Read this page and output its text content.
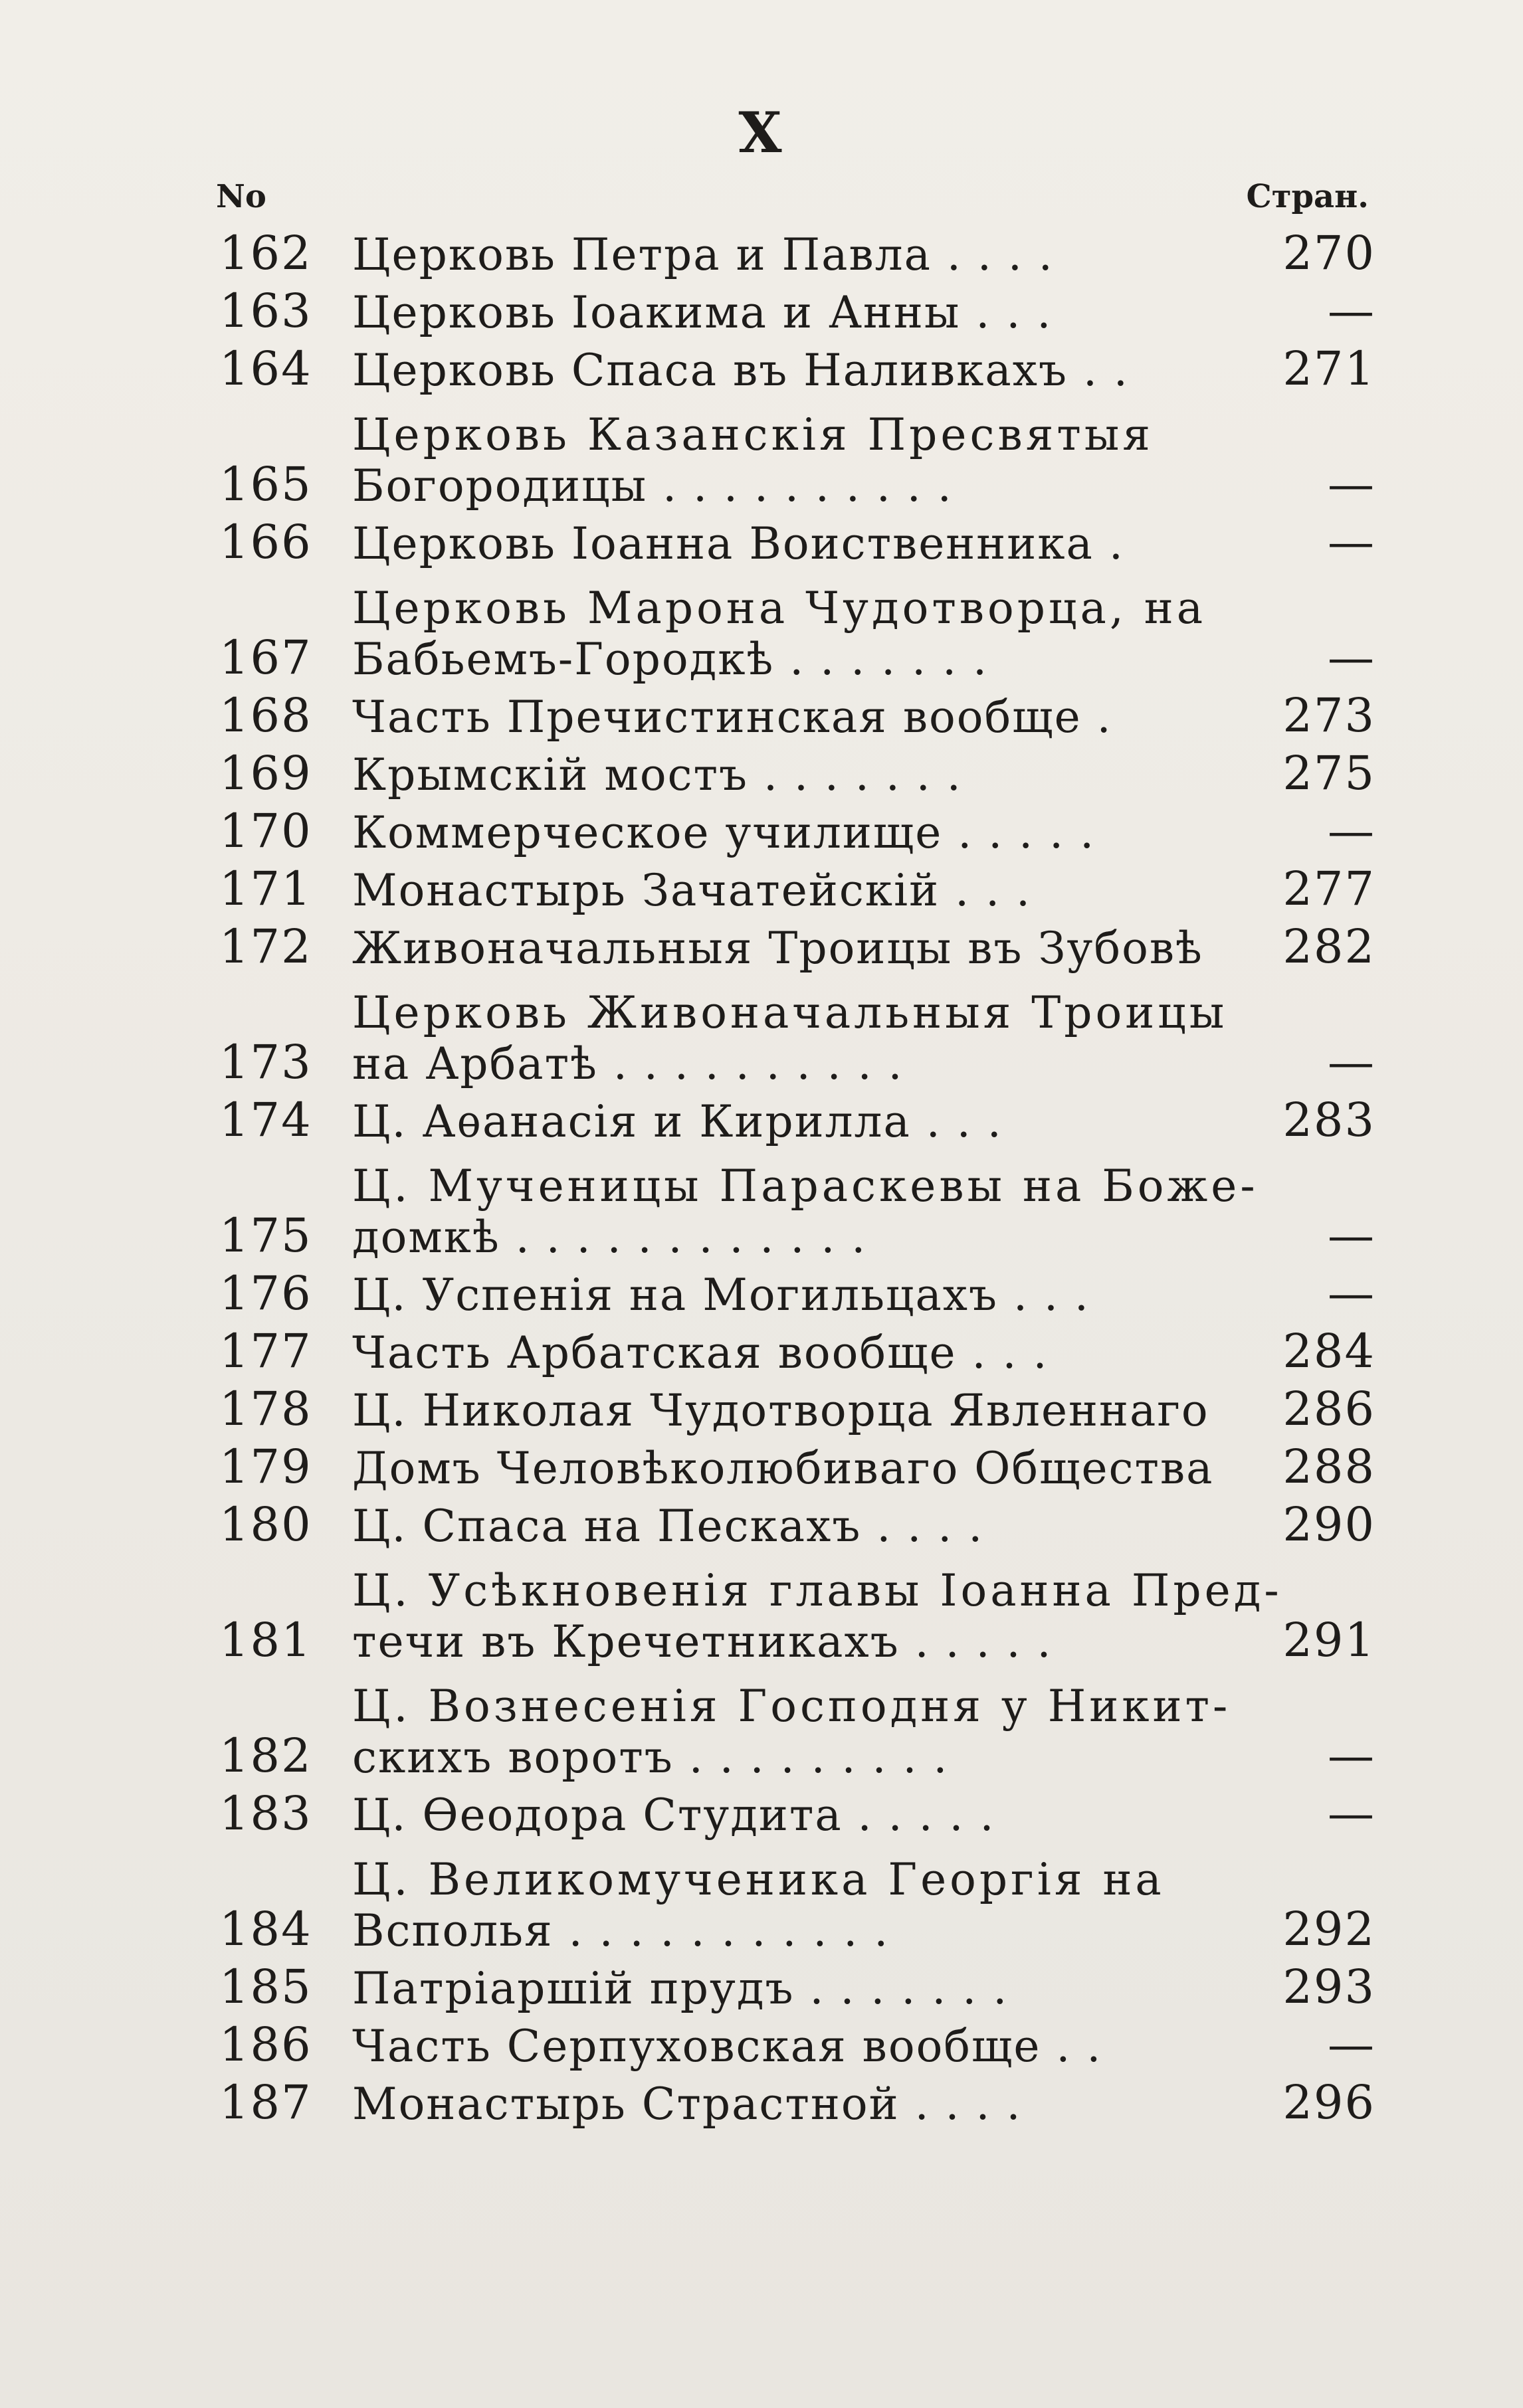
X
No	Стран.
162 Церковь Петра и Павла . . . .	270
163 Церковь Іоакима и Анны . . .	—
164 Церковь Спаса въ Наливкахъ . .	271
165
Церковь Казанскія Пресвятыя
Богородицы . . . . . . . . . .	—
166 Церковь Іоанна Воиственника .	—
167
Церковь Марона Чудотворца, на
Бабьемъ-Городкѣ . . . . . . .	—
168 Часть Пречистинская вообще .	273
169 Крымскій мостъ . . . . . . .	275
170 Коммерческое училище . . . . .	—
171 Монастырь Зачатейскій . . .	277
172 Живоначальныя Троицы въ Зубовѣ	282
173
Церковь Живоначальныя Троицы
на Арбатѣ . . . . . . . . . .	—
174 Ц. Аѳанасія и Кирилла . . .	283
175
Ц. Мученицы Параскевы на Боже-
домкѣ . . . . . . . . . . . .	—
176 Ц. Успенія на Могильцахъ . . .	—
177 Часть Арбатская вообще . . .	284
178 Ц. Николая Чудотворца Явленнаго	286
179 Домъ Человѣколюбиваго Общества	288
180 Ц. Спаса на Пескахъ . . . .	290
181
Ц. Усѣкновенія главы Іоанна Пред-
течи въ Кречетникахъ . . . . .	291
182
Ц. Вознесенія Господня у Никит-
скихъ воротъ . . . . . . . . .	—
183 Ц. Ѳеодора Студита . . . . .	—
184
Ц. Великомученика Георгія на
Всполья . . . . . . . . . . .	292
185 Патріаршій прудъ . . . . . . .	293
186 Часть Серпуховская вообще . .	—
187 Монастырь Страстной . . . .	296
